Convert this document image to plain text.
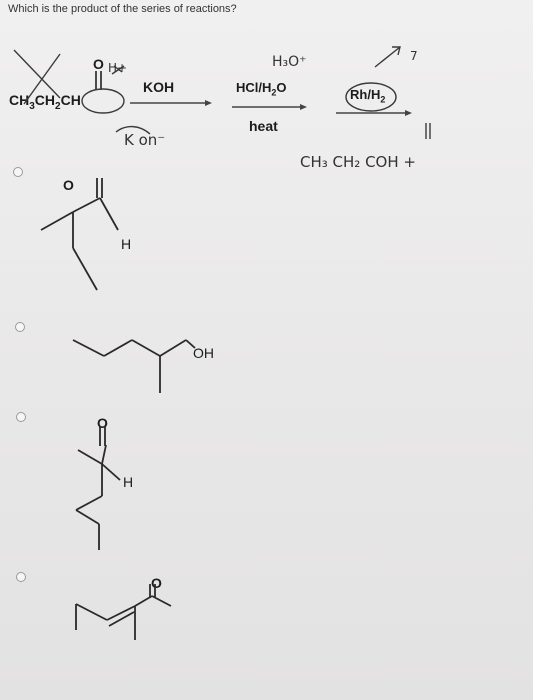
Which is the product of the series of reactions?
$CH_3CH_2CH$
O
KOH	HCl/$H_2O$
heat
$Rh/H_2$
O
H
OH
O
H
O
H₃O⁺
H+
K on⁻
CH₃ CH₂ COH +
7
